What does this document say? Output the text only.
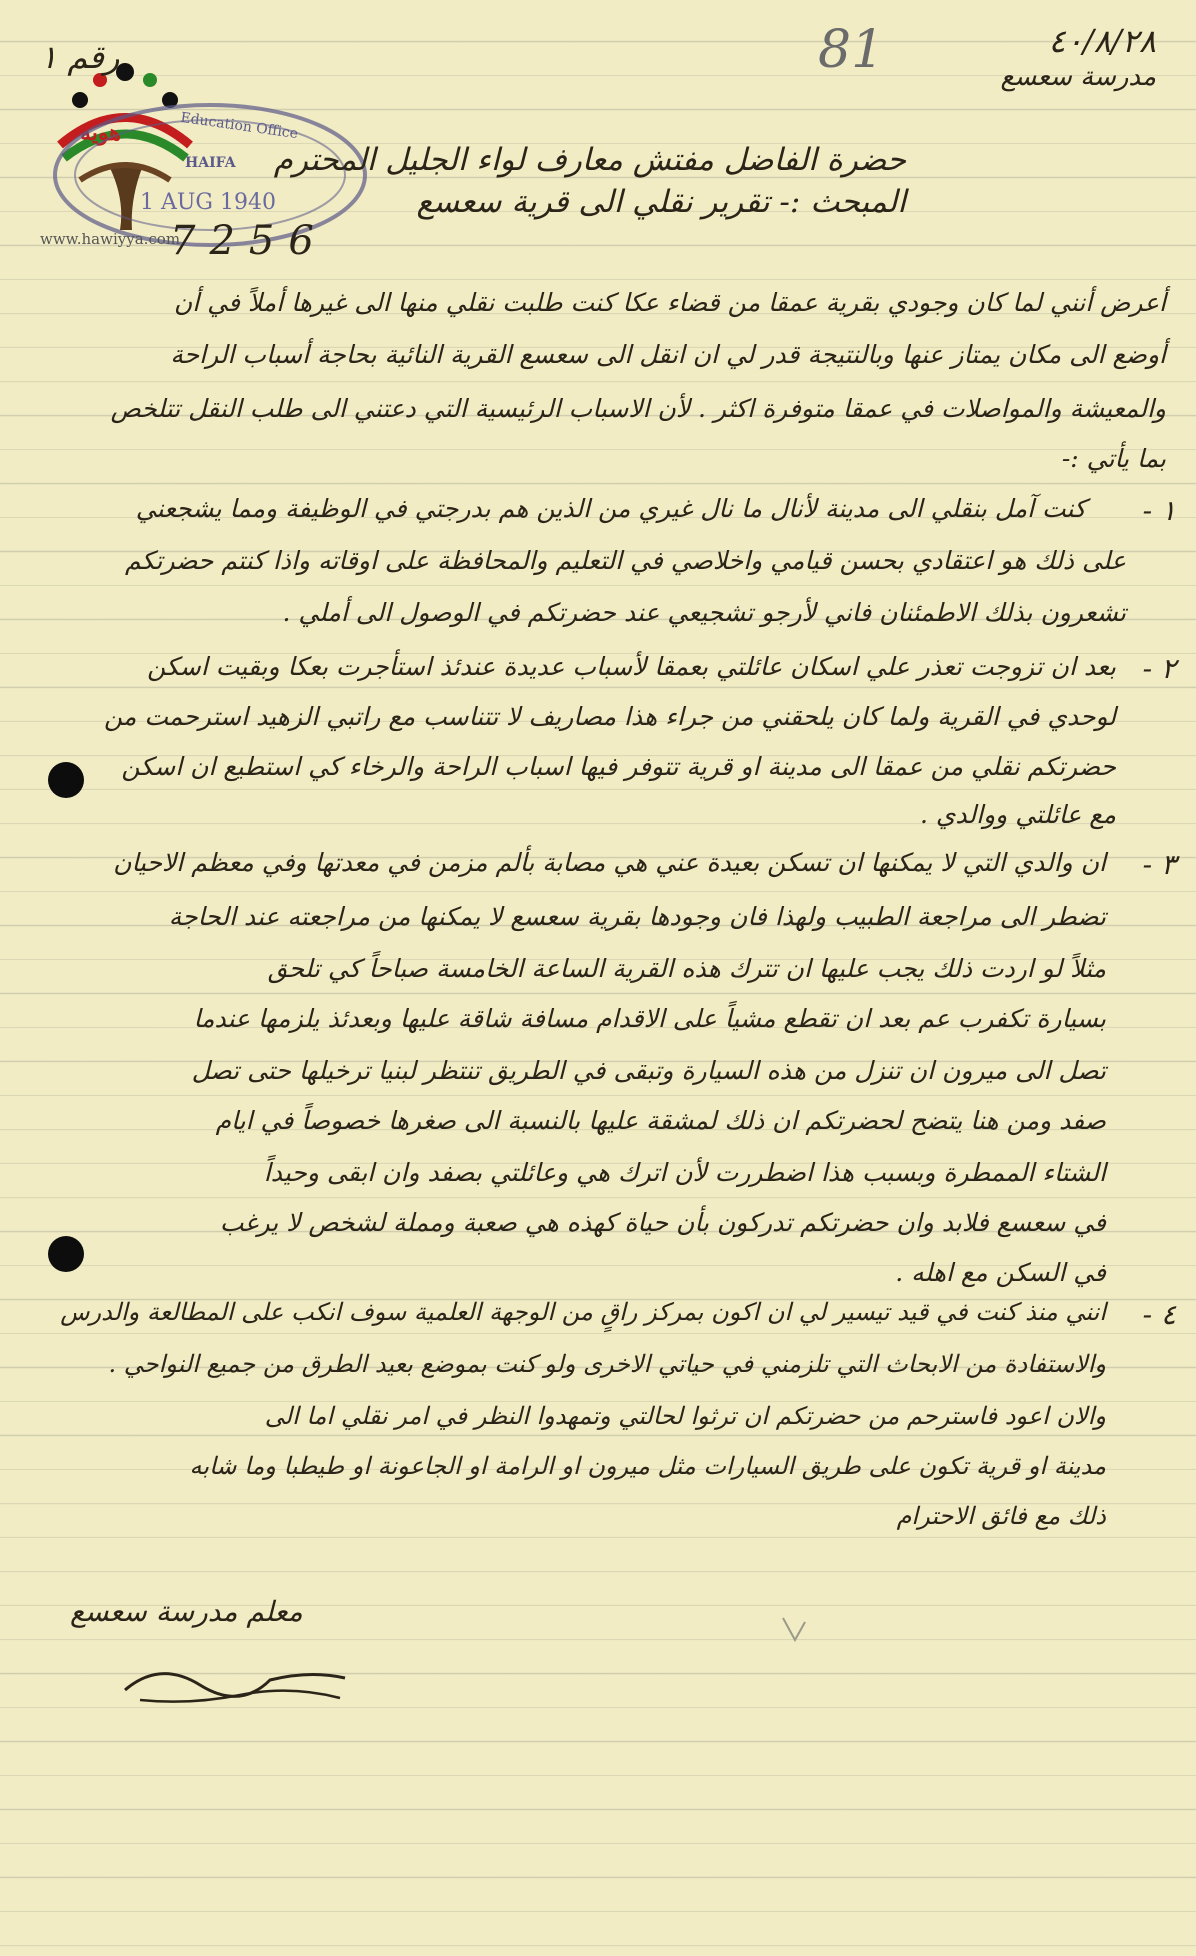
هوية	Education Office
HAIFA
1 AUG 1940
7256
www.hawiyya.com
رقم ١	81	٤٠/٨/٢٨
مدرسة سعسع
حضرة الفاضل مفتش معارف لواء الجليل المحترم
المبحث :- تقرير نقلي الى قرية سعسع
أعرض أنني لما كان وجودي بقرية عمقا من قضاء عكا كنت طلبت نقلي منها الى غيرها أملاً في أن
أوضع الى مكان يمتاز عنها وبالنتيجة قدر لي ان انقل الى سعسع القرية النائية بحاجة أسباب الراحة
والمعيشة والمواصلات في عمقا متوفرة اكثر . لأن الاسباب الرئيسية التي دعتني الى طلب النقل تتلخص
بما يأتي :-
١ -
كنت آمل بنقلي الى مدينة لأنال ما نال غيري من الذين هم بدرجتي في الوظيفة ومما يشجعني
على ذلك هو اعتقادي بحسن قيامي واخلاصي في التعليم والمحافظة على اوقاته واذا كنتم حضرتكم
تشعرون بذلك الاطمئنان فاني لأرجو تشجيعي عند حضرتكم في الوصول الى أملي .
٢ -
بعد ان تزوجت تعذر علي اسكان عائلتي بعمقا لأسباب عديدة عندئذ استأجرت بعكا وبقيت اسكن
لوحدي في القرية ولما كان يلحقني من جراء هذا مصاريف لا تتناسب مع راتبي الزهيد استرحمت من
حضرتكم نقلي من عمقا الى مدينة او قرية تتوفر فيها اسباب الراحة والرخاء كي استطيع ان اسكن
مع عائلتي ووالدي .
٣ -
ان والدي التي لا يمكنها ان تسكن بعيدة عني هي مصابة بألم مزمن في معدتها وفي معظم الاحيان
تضطر الى مراجعة الطبيب ولهذا فان وجودها بقرية سعسع لا يمكنها من مراجعته عند الحاجة
مثلاً لو اردت ذلك يجب عليها ان تترك هذه القرية الساعة الخامسة صباحاً كي تلحق
بسيارة تكفرب عم بعد ان تقطع مشياً على الاقدام مسافة شاقة عليها وبعدئذ يلزمها عندما
تصل الى ميرون ان تنزل من هذه السيارة وتبقى في الطريق تنتظر لبنيا ترخيلها حتى تصل
صفد ومن هنا يتضح لحضرتكم ان ذلك لمشقة عليها بالنسبة الى صغرها خصوصاً في ايام
الشتاء الممطرة وبسبب هذا اضطررت لأن اترك هي وعائلتي بصفد وان ابقى وحيداً
في سعسع فلابد وان حضرتكم تدركون بأن حياة كهذه هي صعبة ومملة لشخص لا يرغب
في السكن مع اهله .
٤ -
انني منذ كنت في قيد تيسير لي ان اكون بمركز راقٍ من الوجهة العلمية سوف انكب على المطالعة والدرس
والاستفادة من الابحاث التي تلزمني في حياتي الاخرى ولو كنت بموضع بعيد الطرق من جميع النواحي .
والان اعود فاسترحم من حضرتكم ان ترثوا لحالتي وتمهدوا النظر في امر نقلي اما الى
مدينة او قرية تكون على طريق السيارات مثل ميرون او الرامة او الجاعونة او طيطبا وما شابه
ذلك مع فائق الاحترام
معلم مدرسة سعسع
